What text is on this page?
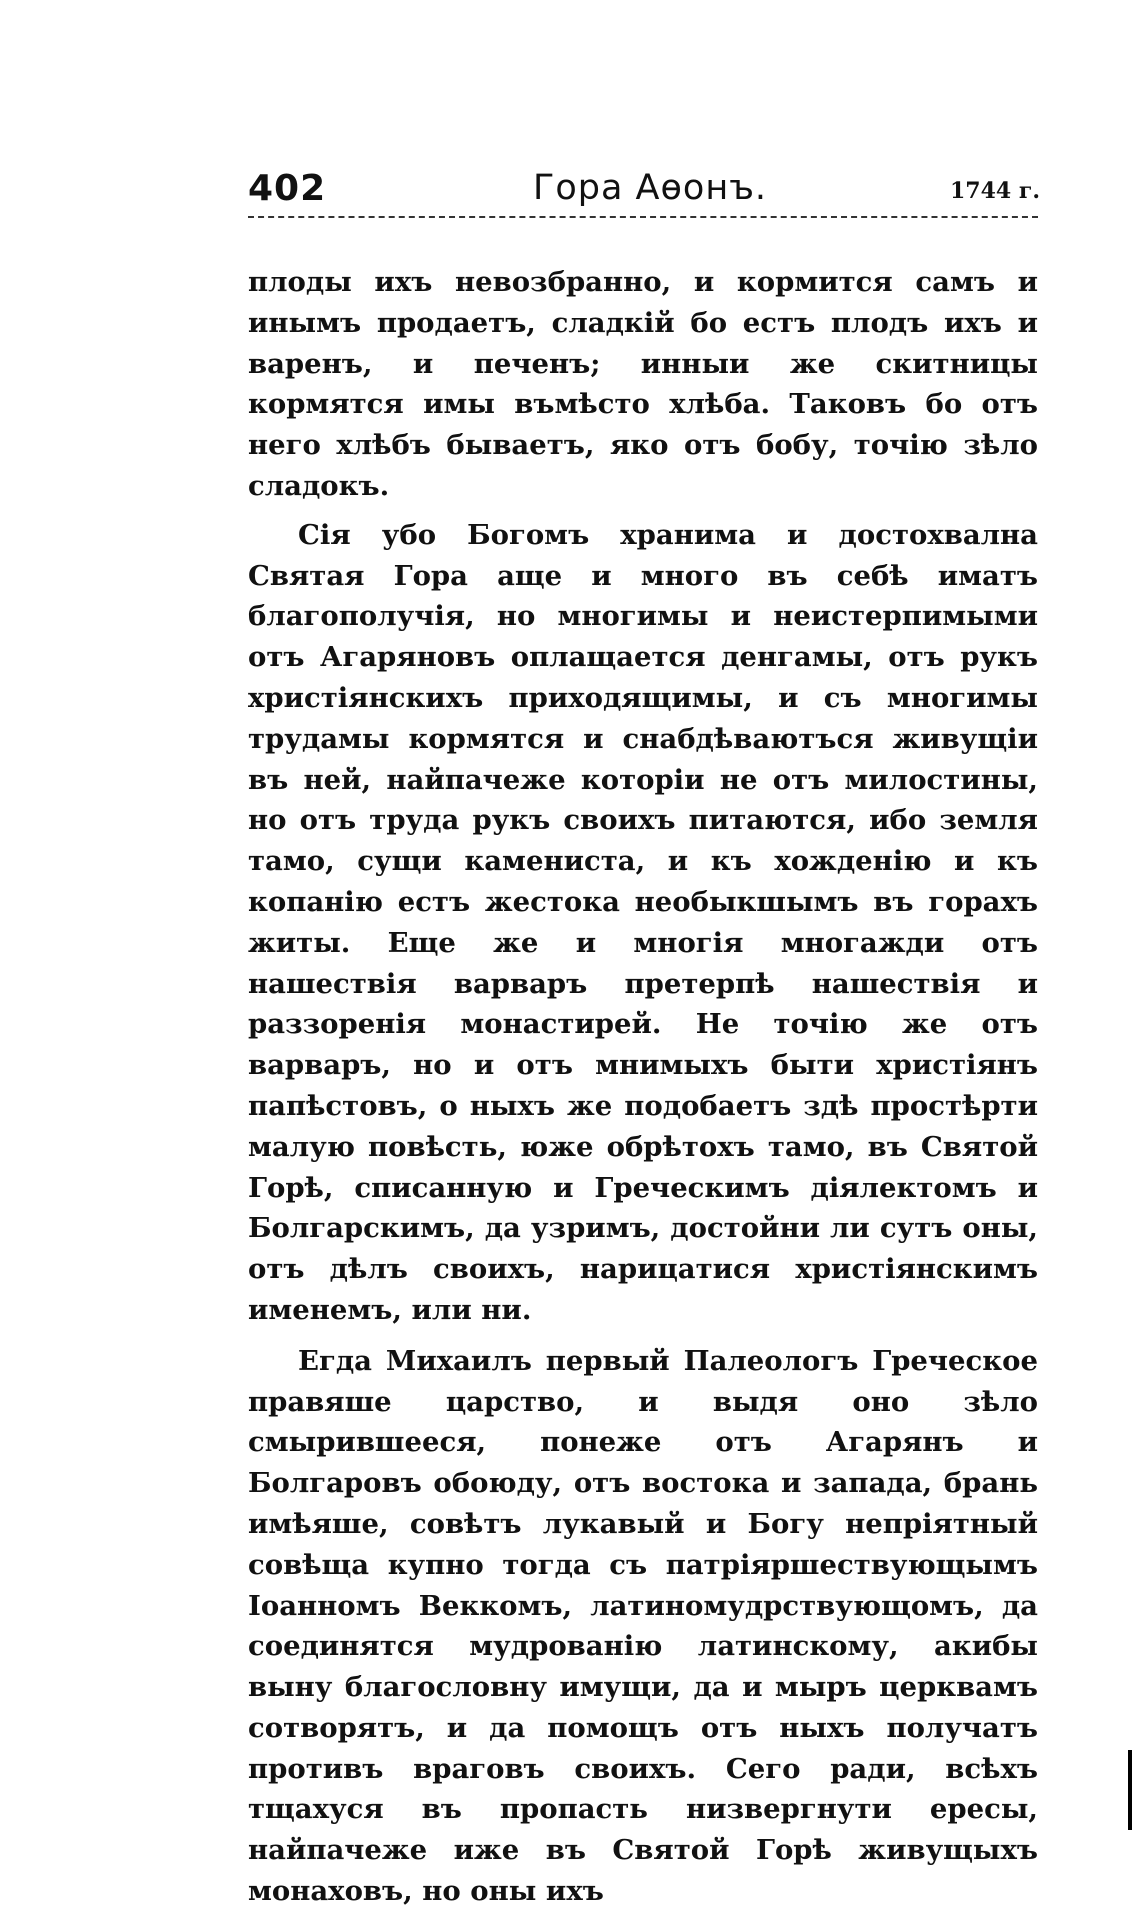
402	Гора Аѳонъ.	1744 г.

плоды ихъ невозбранно, и кормится самъ и инымъ продаетъ, сладкій бо естъ плодъ ихъ и варенъ, и печенъ; инныи же скитницы кормятся имы въмѣсто хлѣба. Таковъ бо отъ него хлѣбъ бываетъ, яко отъ бобу, точію зѣло сладокъ.

Сія убо Богомъ хранима и достохвална Святая Гора аще и много въ себѣ иматъ благополучія, но многимы и неистерпимыми отъ Агаряновъ оплащается денгамы, отъ рукъ христіянскихъ приходящимы, и съ многимы трудамы кормятся и снабдѣваютъся живущіи въ ней, найпачеже которіи не отъ милостины, но отъ труда рукъ своихъ питаются, ибо земля тамо, сущи камениста, и къ хожденію и къ копанію естъ жестока необыкшымъ въ горахъ житы. Еще же и многія многажди отъ нашествія варваръ претерпѣ нашествія и раззоренія монастирей. Не точію же отъ варваръ, но и отъ мнимыхъ быти христіянъ папѣстовъ, о ныхъ же подобаетъ здѣ простѣрти малую повѣсть, юже обрѣтохъ тамо, въ Святой Горѣ, списанную и Греческимъ діялектомъ и Болгарскимъ, да узримъ, достойни ли сутъ оны, отъ дѣлъ своихъ, нарицатися христіянскимъ именемъ, или ни.

Егда Михаилъ первый Палеологъ Греческое правяше царство, и выдя оно зѣло смырившееся, понеже отъ Агарянъ и Болгаровъ обоюду, отъ востока и запада, брань имѣяше, совѣтъ лукавый и Богу непріятный совѣща купно тогда съ патріяршествующымъ Іоанномъ Веккомъ, латиномудрствующомъ, да соединятся мудрованію латинскому, акибы выну благословну имущи, да и мыръ церквамъ сотворятъ, и да помощъ отъ ныхъ получатъ противъ враговъ своихъ. Сего ради, всѣхъ тщахуся въ пропасть низвергнути ересы, найпачеже иже въ Святой Горѣ живущыхъ монаховъ, но оны ихъ
